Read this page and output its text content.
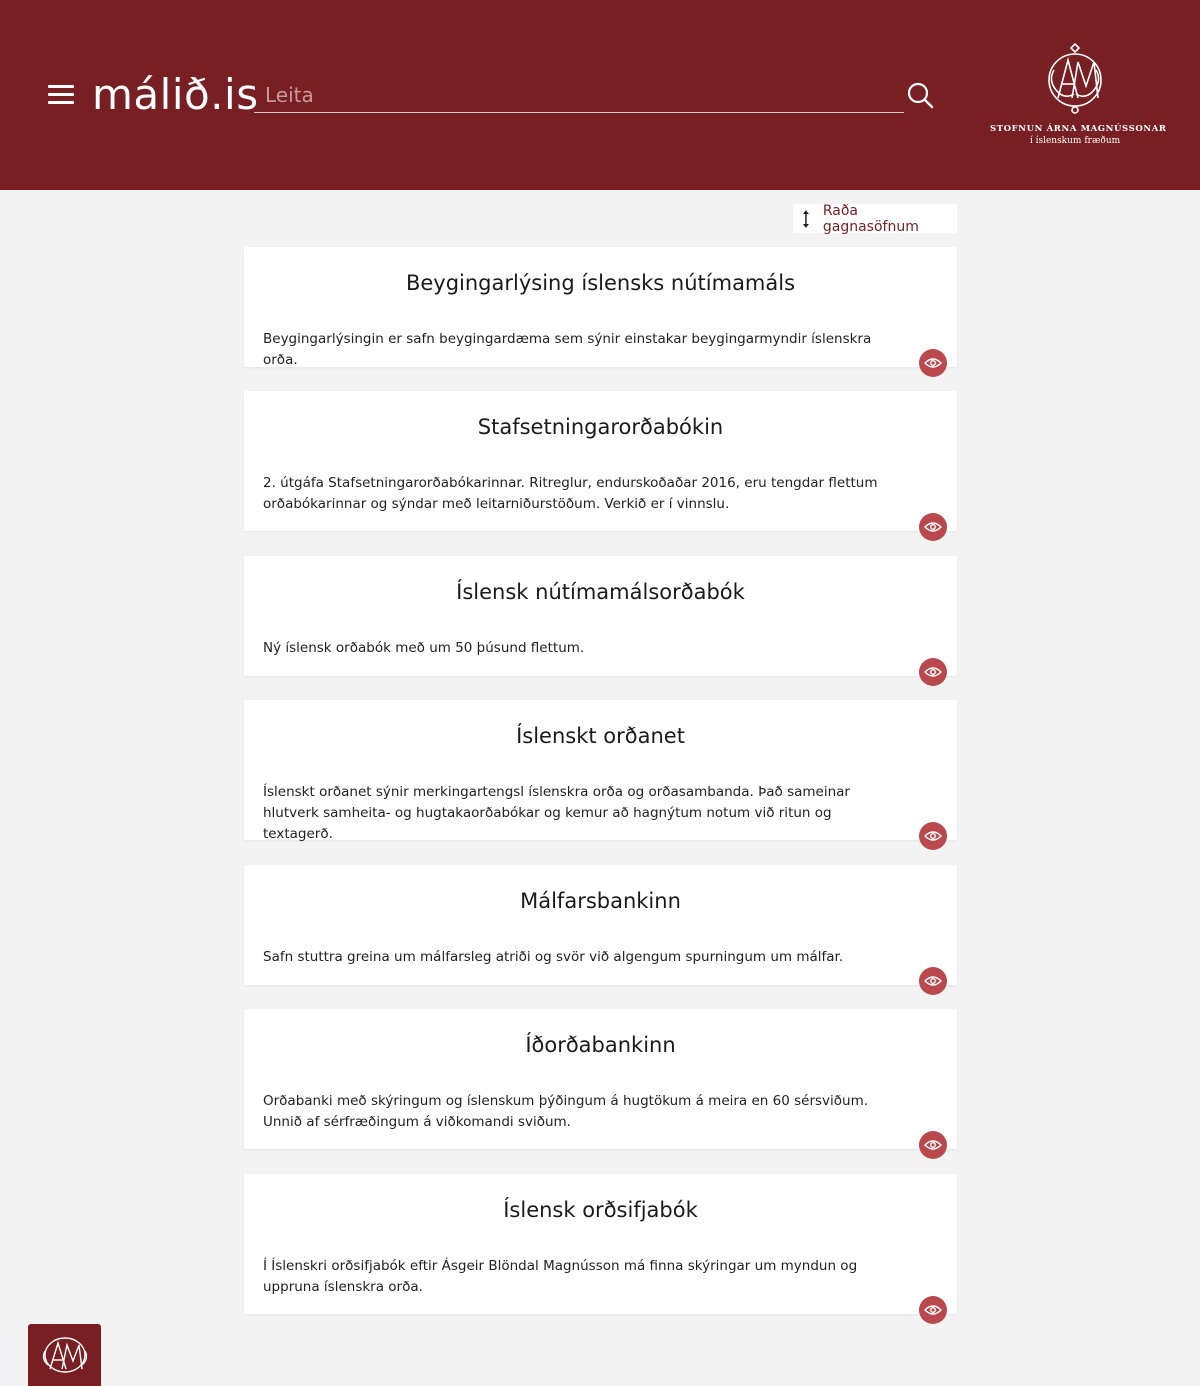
málið.is
Leita
STOFNUN ÁRNA MAGNÚSSONAR
í íslenskum fræðum
Raða gagnasöfnum
Beygingarlýsing íslensks nútímamáls
Beygingarlýsingin er safn beygingardæma sem sýnir einstakar beygingarmyndir íslenskra orða.
Stafsetningarorðabókin
2. útgáfa Stafsetningarorðabókarinnar. Ritreglur, endurskoðaðar 2016, eru tengdar flettum orðabókarinnar og sýndar með leitarniðurstöðum. Verkið er í vinnslu.
Íslensk nútímamálsorðabók
Ný íslensk orðabók með um 50 þúsund flettum.
Íslenskt orðanet
Íslenskt orðanet sýnir merkingartengsl íslenskra orða og orðasambanda. Það sameinar hlutverk samheita- og hugtakaorðabókar og kemur að hagnýtum notum við ritun og textagerð.
Málfarsbankinn
Safn stuttra greina um málfarsleg atriði og svör við algengum spurningum um málfar.
Íðorðabankinn
Orðabanki með skýringum og íslenskum þýðingum á hugtökum á meira en 60 sérsviðum. Unnið af sérfræðingum á viðkomandi sviðum.
Íslensk orðsifjabók
Í Íslenskri orðsifjabók eftir Ásgeir Blöndal Magnússon má finna skýringar um myndun og uppruna íslenskra orða.
